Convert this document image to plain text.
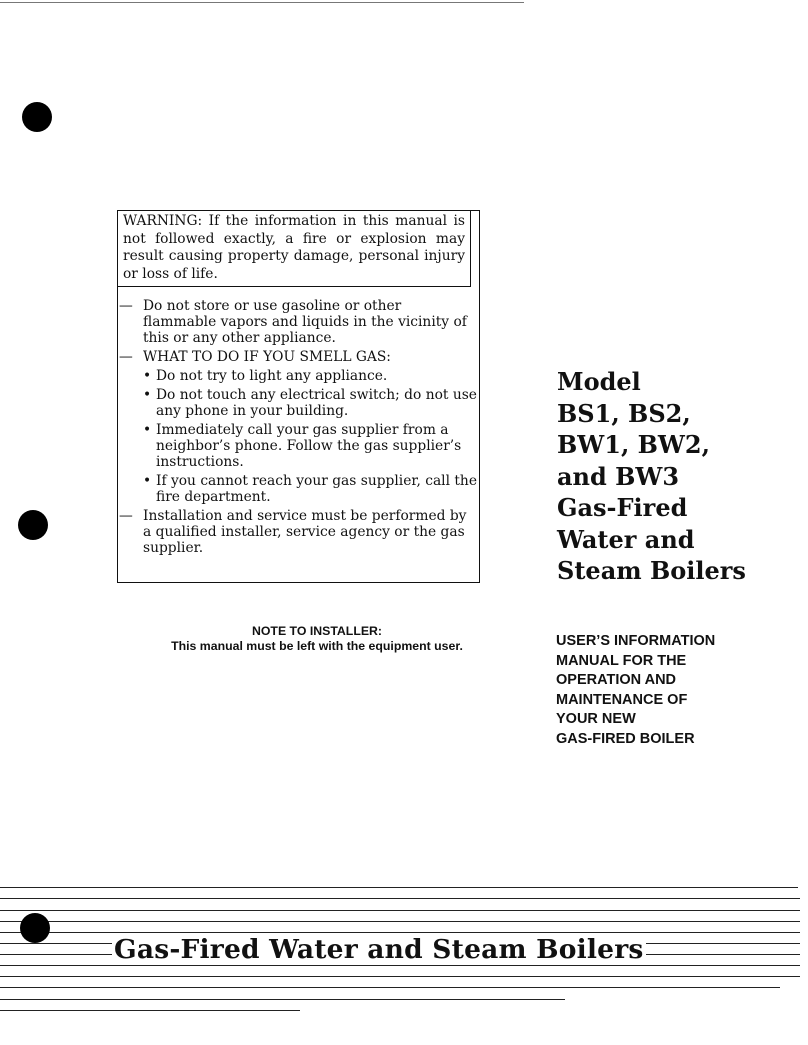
WARNING: If the information in this manual is not followed exactly, a fire or explosion may result causing property damage, personal injury or loss of life.
— Do not store or use gasoline or other flammable vapors and liquids in the vicinity of this or any other appliance.
— WHAT TO DO IF YOU SMELL GAS:
• Do not try to light any appliance.
• Do not touch any electrical switch; do not use any phone in your building.
• Immediately call your gas supplier from a neighbor’s phone. Follow the gas supplier’s instructions.
• If you cannot reach your gas supplier, call the fire department.
— Installation and service must be performed by a qualified installer, service agency or the gas supplier.
Model
BS1, BS2,
BW1, BW2,
and BW3
Gas-Fired
Water and
Steam Boilers
NOTE TO INSTALLER:
This manual must be left with the equipment user.	USER’S INFORMATION
MANUAL FOR THE
OPERATION AND
MAINTENANCE OF
YOUR NEW
GAS-FIRED BOILER
Gas-Fired Water and Steam Boilers
